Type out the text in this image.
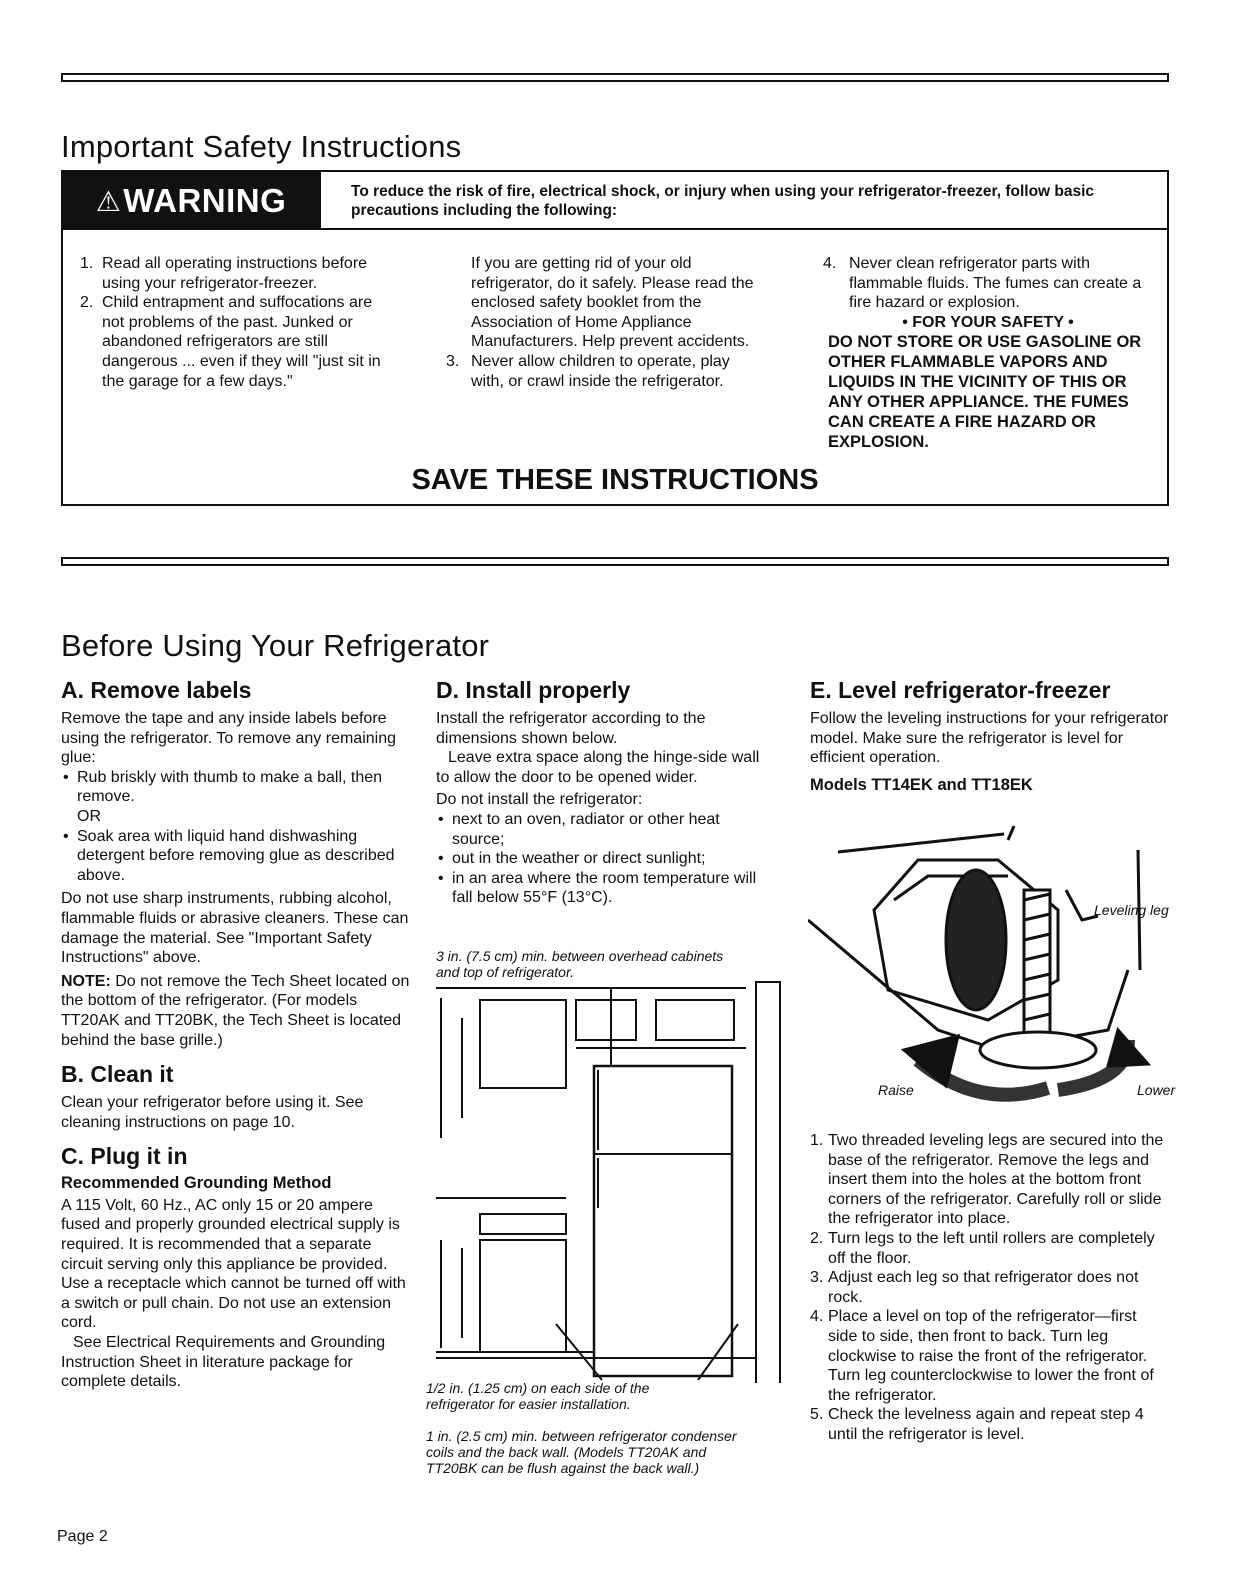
Important Safety Instructions
⚠ WARNING	To reduce the risk of fire, electrical shock, or injury when using your refrigerator-freezer, follow basic precautions including the following:

1. Read all operating instructions before using your refrigerator-freezer.
2. Child entrapment and suffocations are not problems of the past. Junked or abandoned refrigerators are still dangerous ... even if they will "just sit in the garage for a few days."
If you are getting rid of your old refrigerator, do it safely. Please read the enclosed safety booklet from the Association of Home Appliance Manufacturers. Help prevent accidents.
3. Never allow children to operate, play with, or crawl inside the refrigerator.
4. Never clean refrigerator parts with flammable fluids. The fumes can create a fire hazard or explosion.
• FOR YOUR SAFETY •
DO NOT STORE OR USE GASOLINE OR OTHER FLAMMABLE VAPORS AND LIQUIDS IN THE VICINITY OF THIS OR ANY OTHER APPLIANCE. THE FUMES CAN CREATE A FIRE HAZARD OR EXPLOSION.
SAVE THESE INSTRUCTIONS
Before Using Your Refrigerator
A. Remove labels

Remove the tape and any inside labels before using the refrigerator. To remove any remaining glue:

• Rub briskly with thumb to make a ball, then remove.
OR
• Soak area with liquid hand dishwashing detergent before removing glue as described above.

Do not use sharp instruments, rubbing alcohol, flammable fluids or abrasive cleaners. These can damage the material. See "Important Safety Instructions" above.

NOTE: Do not remove the Tech Sheet located on the bottom of the refrigerator. (For models TT20AK and TT20BK, the Tech Sheet is located behind the base grille.)

B. Clean it

Clean your refrigerator before using it. See cleaning instructions on page 10.

C. Plug it in
Recommended Grounding Method

A 115 Volt, 60 Hz., AC only 15 or 20 ampere fused and properly grounded electrical supply is required. It is recommended that a separate circuit serving only this appliance be provided. Use a receptacle which cannot be turned off with a switch or pull chain. Do not use an extension cord.

See Electrical Requirements and Grounding Instruction Sheet in literature package for complete details.

D. Install properly

Install the refrigerator according to the dimensions shown below.

Leave extra space along the hinge-side wall to allow the door to be opened wider.

Do not install the refrigerator:

• next to an oven, radiator or other heat source;
• out in the weather or direct sunlight;
• in an area where the room temperature will fall below 55°F (13°C).
3 in. (7.5 cm) min. between overhead cabinets and top of refrigerator.
1/2 in. (1.25 cm) on each side of the refrigerator for easier installation.
1 in. (2.5 cm) min. between refrigerator condenser coils and the back wall. (Models TT20AK and TT20BK can be flush against the back wall.)
E. Level refrigerator-freezer

Follow the leveling instructions for your refrigerator model. Make sure the refrigerator is level for efficient operation.

Models TT14EK and TT18EK
Leveling leg
Raise	Lower
1. Two threaded leveling legs are secured into the base of the refrigerator. Remove the legs and insert them into the holes at the bottom front corners of the refrigerator. Carefully roll or slide the refrigerator into place.
2. Turn legs to the left until rollers are completely off the floor.
3. Adjust each leg so that refrigerator does not rock.
4. Place a level on top of the refrigerator—first side to side, then front to back. Turn leg clockwise to raise the front of the refrigerator. Turn leg counterclockwise to lower the front of the refrigerator.
5. Check the levelness again and repeat step 4 until the refrigerator is level.
Page 2
